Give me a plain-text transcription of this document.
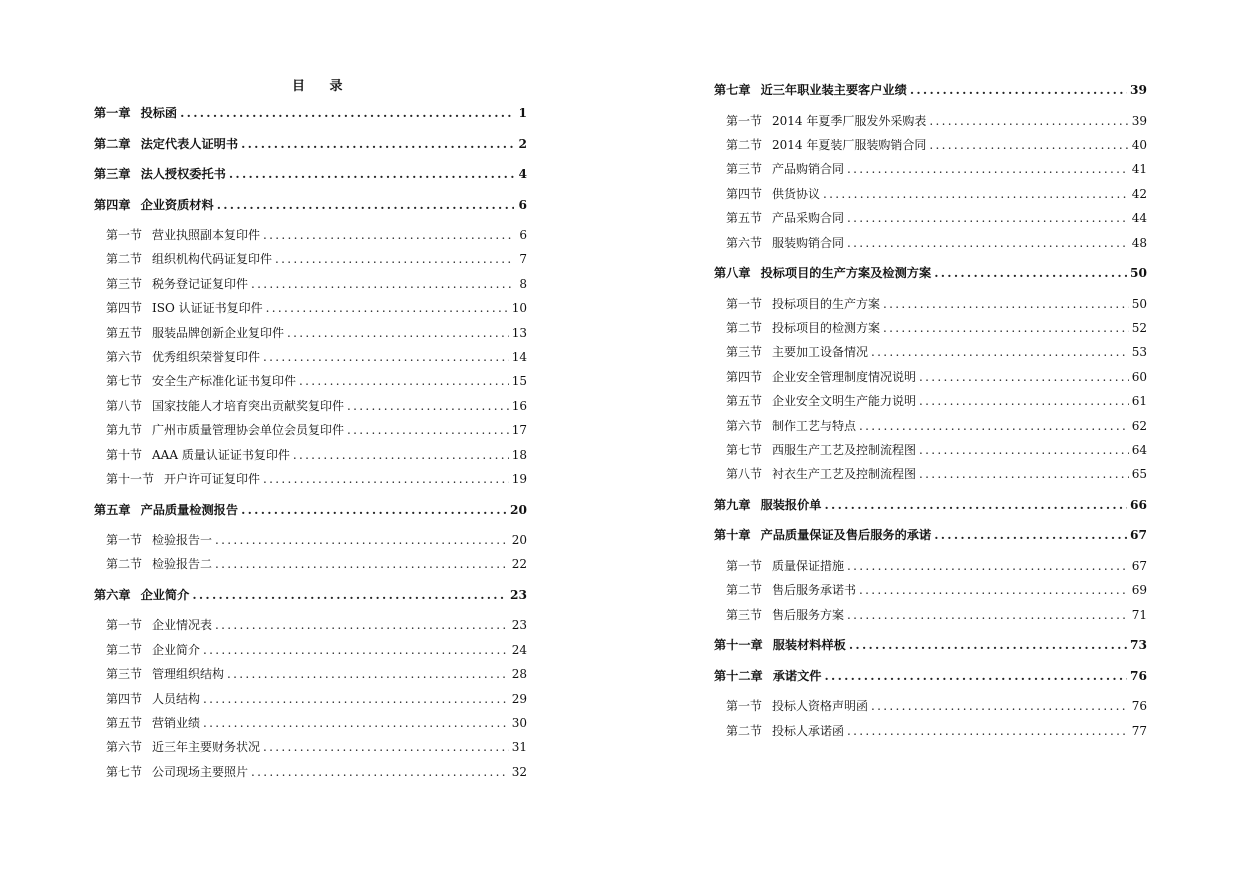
目 录
第一章 投标函 .....	1
第二章 法定代表人证明书 .....	2
第三章 法人授权委托书 .....	4
第四章 企业资质材料 .....	6
第一节 营业执照副本复印件 .....	6
第二节 组织机构代码证复印件 .....	7
第三节 税务登记证复印件 .....	8
第四节 ISO 认证证书复印件 .....	10
第五节 服装品牌创新企业复印件 .....	13
第六节 优秀组织荣誉复印件 .....	14
第七节 安全生产标准化证书复印件 .....	15
第八节 国家技能人才培育突出贡献奖复印件 .....	16
第九节 广州市质量管理协会单位会员复印件 .....	17
第十节 AAA 质量认证证书复印件 .....	18
第十一节 开户许可证复印件 .....	19
第五章 产品质量检测报告 .....	20
第一节 检验报告一 .....	20
第二节 检验报告二 .....	22
第六章 企业简介 .....	23
第一节 企业情况表 .....	23
第二节 企业简介 .....	24
第三节 管理组织结构 .....	28
第四节 人员结构 .....	29
第五节 营销业绩 .....	30
第六节 近三年主要财务状况 .....	31
第七节 公司现场主要照片 .....	32
第七章 近三年职业装主要客户业绩 .....	39
第一节 2014 年夏季厂服发外采购表 .....	39
第二节 2014 年夏装厂服装购销合同 .....	40
第三节 产品购销合同 .....	41
第四节 供货协议 .....	42
第五节 产品采购合同 .....	44
第六节 服装购销合同 .....	48
第八章 投标项目的生产方案及检测方案 .....	50
第一节 投标项目的生产方案 .....	50
第二节 投标项目的检测方案 .....	52
第三节 主要加工设备情况 .....	53
第四节 企业安全管理制度情况说明 .....	60
第五节 企业安全文明生产能力说明 .....	61
第六节 制作工艺与特点 .....	62
第七节 西服生产工艺及控制流程图 .....	64
第八节 衬衣生产工艺及控制流程图 .....	65
第九章 服装报价单 .....	66
第十章 产品质量保证及售后服务的承诺 .....	67
第一节 质量保证措施 .....	67
第二节 售后服务承诺书 .....	69
第三节 售后服务方案 .....	71
第十一章 服装材料样板 .....	73
第十二章 承诺文件 .....	76
第一节 投标人资格声明函 .....	76
第二节 投标人承诺函 .....	77
